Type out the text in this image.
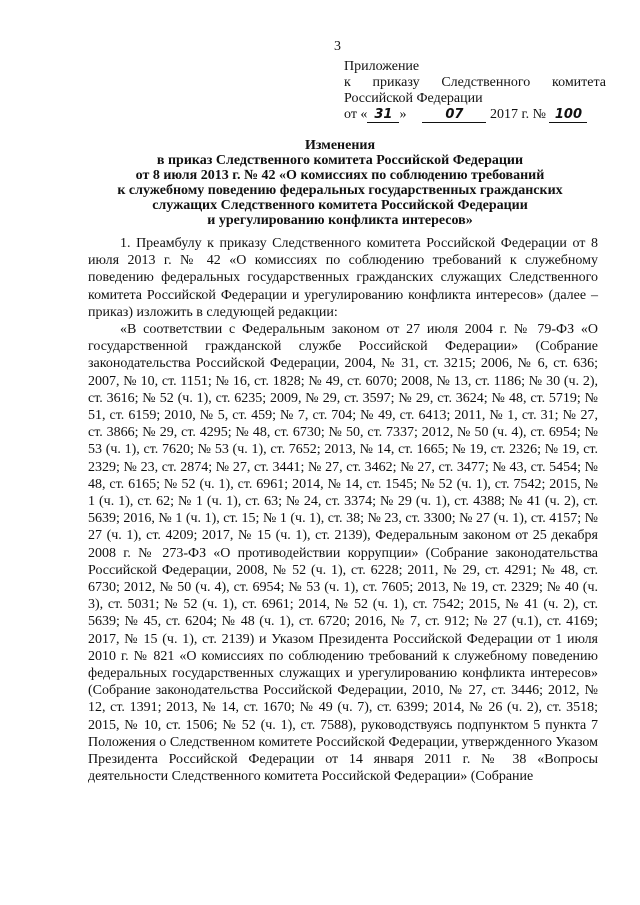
3
Приложение
к приказу Следственного комитета
Российской Федерации
от « 31 »	07 2017 г. № 100
Изменения
в приказ Следственного комитета Российской Федерации
от 8 июля 2013 г. № 42 «О комиссиях по соблюдению требований
к служебному поведению федеральных государственных гражданских
служащих Следственного комитета Российской Федерации
и урегулированию конфликта интересов»

1. Преамбулу к приказу Следственного комитета Российской Федерации от 8 июля 2013 г. № 42 «О комиссиях по соблюдению требований к служебному поведению федеральных государственных гражданских служащих Следственного комитета Российской Федерации и урегулированию конфликта интересов» (далее – приказ) изложить в следующей редакции:

«В соответствии с Федеральным законом от 27 июля 2004 г. № 79-ФЗ «О государственной гражданской службе Российской Федерации» (Собрание законодательства Российской Федерации, 2004, № 31, ст. 3215; 2006, № 6, ст. 636; 2007, № 10, ст. 1151; № 16, ст. 1828; № 49, ст. 6070; 2008, № 13, ст. 1186; № 30 (ч. 2), ст. 3616; № 52 (ч. 1), ст. 6235; 2009, № 29, ст. 3597; № 29, ст. 3624; № 48, ст. 5719; № 51, ст. 6159; 2010, № 5, ст. 459; № 7, ст. 704; № 49, ст. 6413; 2011, № 1, ст. 31; № 27, ст. 3866; № 29, ст. 4295; № 48, ст. 6730; № 50, ст. 7337; 2012, № 50 (ч. 4), ст. 6954; № 53 (ч. 1), ст. 7620; № 53 (ч. 1), ст. 7652; 2013, № 14, ст. 1665; № 19, ст. 2326; № 19, ст. 2329; № 23, ст. 2874; № 27, ст. 3441; № 27, ст. 3462; № 27, ст. 3477; № 43, ст. 5454; № 48, ст. 6165; № 52 (ч. 1), ст. 6961; 2014, № 14, ст. 1545; № 52 (ч. 1), ст. 7542; 2015, № 1 (ч. 1), ст. 62; № 1 (ч. 1), ст. 63; № 24, ст. 3374; № 29 (ч. 1), ст. 4388; № 41 (ч. 2), ст. 5639; 2016, № 1 (ч. 1), ст. 15; № 1 (ч. 1), ст. 38; № 23, ст. 3300; № 27 (ч. 1), ст. 4157; № 27 (ч. 1), ст. 4209; 2017, № 15 (ч. 1), ст. 2139), Федеральным законом от 25 декабря 2008 г. № 273-ФЗ «О противодействии коррупции» (Собрание законодательства Российской Федерации, 2008, № 52 (ч. 1), ст. 6228; 2011, № 29, ст. 4291; № 48, ст. 6730; 2012, № 50 (ч. 4), ст. 6954; № 53 (ч. 1), ст. 7605; 2013, № 19, ст. 2329; № 40 (ч. 3), ст. 5031; № 52 (ч. 1), ст. 6961; 2014, № 52 (ч. 1), ст. 7542; 2015, № 41 (ч. 2), ст. 5639; № 45, ст. 6204; № 48 (ч. 1), ст. 6720; 2016, № 7, ст. 912; № 27 (ч.1), ст. 4169; 2017, № 15 (ч. 1), ст. 2139) и Указом Президента Российской Федерации от 1 июля 2010 г. № 821 «О комиссиях по соблюдению требований к служебному поведению федеральных государственных служащих и урегулированию конфликта интересов» (Собрание законодательства Российской Федерации, 2010, № 27, ст. 3446; 2012, № 12, ст. 1391; 2013, № 14, ст. 1670; № 49 (ч. 7), ст. 6399; 2014, № 26 (ч. 2), ст. 3518; 2015, № 10, ст. 1506; № 52 (ч. 1), ст. 7588), руководствуясь подпунктом 5 пункта 7 Положения о Следственном комитете Российской Федерации, утвержденного Указом Президента Российской Федерации от 14 января 2011 г. № 38 «Вопросы деятельности Следственного комитета Российской Федерации» (Собрание
